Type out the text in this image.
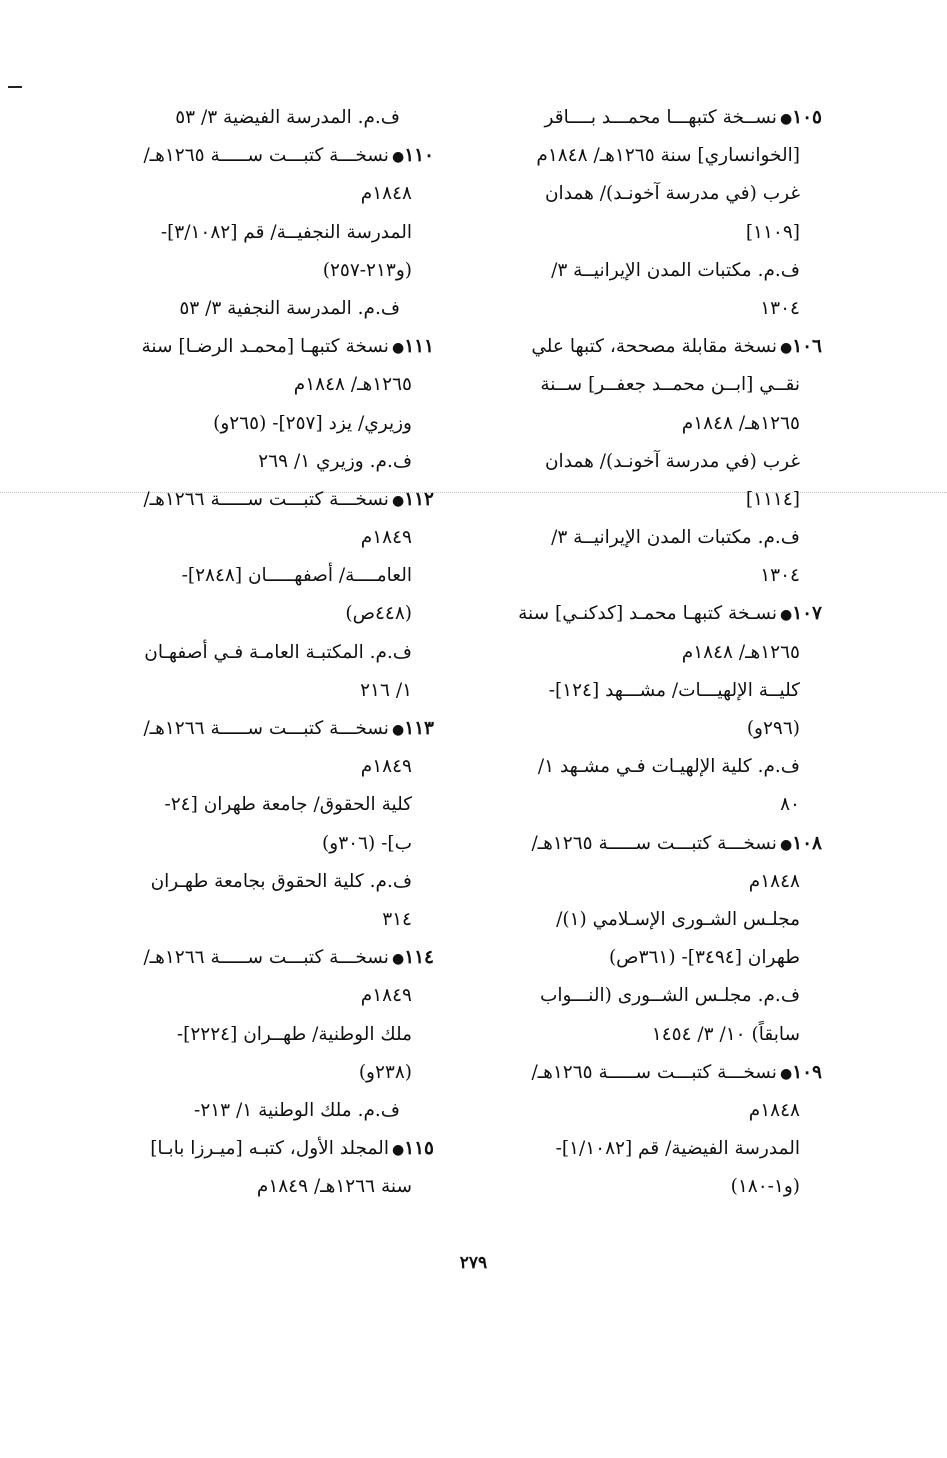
١٠٥●نســخة كتبهـــا محمـــد بــــاقر
[الخوانساري] سنة ١٢٦٥هـ/ ١٨٤٨م
غرب (في مدرسة آخونـد)/ همدان
[١١٠٩]
ف.م. مكتبات المدن الإيرانيــة ٣/
١٣٠٤
١٠٦●نسخة مقابلة مصححة، كتبها علي
نقــي [ابــن محمــد جعفــر] ســنة
١٢٦٥هـ/ ١٨٤٨م
غرب (في مدرسة آخونـد)/ همدان
[١١١٤]
ف.م. مكتبات المدن الإيرانيــة ٣/
١٣٠٤
١٠٧●نسـخة كتبهـا محمـد [كدكنـي] سنة
١٢٦٥هـ/ ١٨٤٨م
كليــة الإلهيـــات/ مشـــهد [١٢٤]-
(٢٩٦و)
ف.م. كلية الإلهيـات فـي مشـهد ١/
٨٠
١٠٨●نسخـــة كتبـــت ســـــة ١٢٦٥هـ/
١٨٤٨م
مجلـس الشـورى الإسـلامي (١)/
طهران [٣٤٩٤]- (٣٦١ص)
ف.م. مجلـس الشــورى (النـــواب
سابقاً) ١٠/ ٣/ ١٤٥٤
١٠٩●نسخـــة كتبـــت ســـــة ١٢٦٥هـ/
١٨٤٨م
المدرسة الفيضية/ قم [١/١٠٨٢]-
(و١-١٨٠)
ف.م. المدرسة الفيضية ٣/ ٥٣
١١٠●نسخـــة كتبـــت ســـــة ١٢٦٥هـ/
١٨٤٨م
المدرسة النجفيــة/ قم [٣/١٠٨٢]-
(و٢١٣-٢٥٧)
ف.م. المدرسة النجفية ٣/ ٥٣
١١١●نسخة كتبهـا [محمـد الرضـا] سنة
١٢٦٥هـ/ ١٨٤٨م
وزيري/ يزد [٢٥٧]- (٢٦٥و)
ف.م. وزيري ١/ ٢٦٩
١١٢●نسخـــة كتبـــت ســـــة ١٢٦٦هـ/
١٨٤٩م
العامــــة/ أصفهـــــان [٢٨٤٨]-
(٤٤٨ص)
ف.م. المكتبـة العامـة فـي أصفهـان
١/ ٢١٦
١١٣●نسخـــة كتبـــت ســـــة ١٢٦٦هـ/
١٨٤٩م
كلية الحقوق/ جامعة طهران [٢٤-
ب]- (٣٠٦و)
ف.م. كلية الحقوق بجامعة طهـران
٣١٤
١١٤●نسخـــة كتبـــت ســـــة ١٢٦٦هـ/
١٨٤٩م
ملك الوطنية/ طهــران [٢٢٢٤]-
(٢٣٨و)
ف.م. ملك الوطنية ١/ ٢١٣-
١١٥●المجلد الأول، كتبـه [ميـرزا بابـا]
سنة ١٢٦٦هـ/ ١٨٤٩م
٢٧٩
